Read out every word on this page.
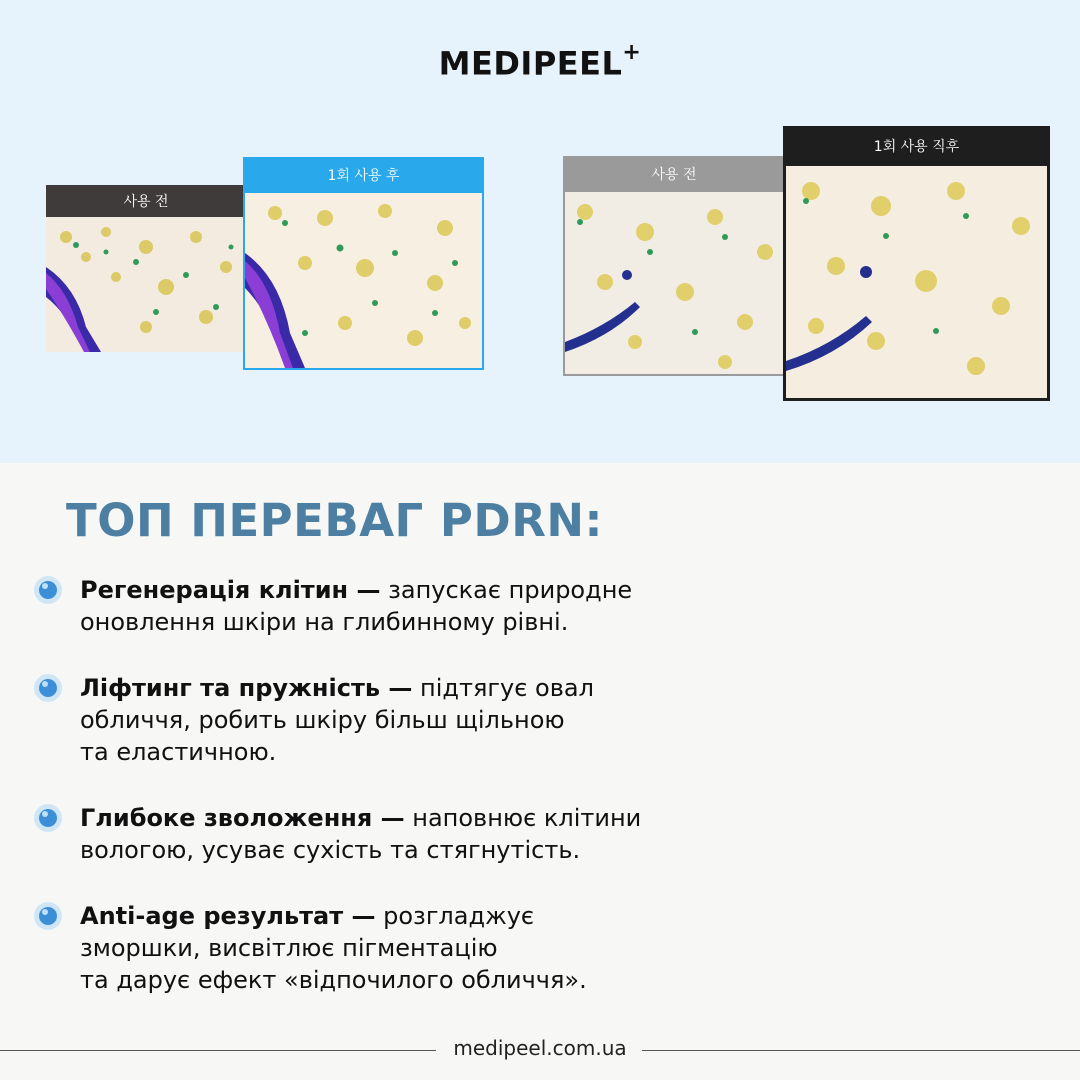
MEDIPEEL+
사용 전
1회 사용 후	사용 전
1회 사용 직후
ТОП ПЕРЕВАГ PDRN:
Регенерація клітин — запускає природне
оновлення шкіри на глибинному рівні.
Ліфтинг та пружність — підтягує овал
обличчя, робить шкіру більш щільною
та еластичною.
Глибоке зволоження — наповнює клітини
вологою, усуває сухість та стягнутість.
Anti-age результат — розгладжує
зморшки, висвітлює пігментацію
та дарує ефект «відпочилого обличчя».
medipeel.com.ua
